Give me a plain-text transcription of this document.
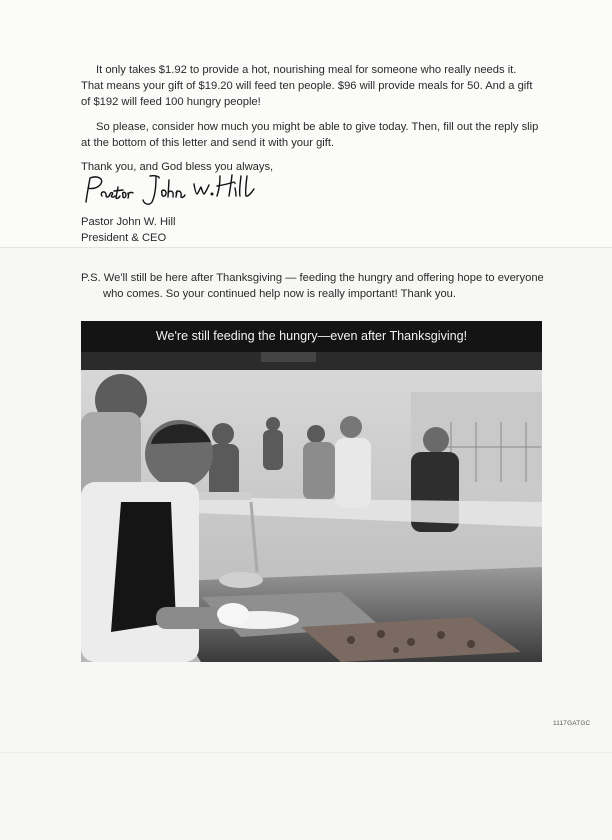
It only takes $1.92 to provide a hot, nourishing meal for someone who really needs it. That means your gift of $19.20 will feed ten people. $96 will provide meals for 50. And a gift of $192 will feed 100 hungry people!

So please, consider how much you might be able to give today. Then, fill out the reply slip at the bottom of this letter and send it with your gift.

Thank you, and God bless you always,

Pastor John W. Hill
President & CEO

P.S. We'll still be here after Thanksgiving — feeding the hungry and offering hope to everyone who comes. So your continued help now is really important! Thank you.

We're still feeding the hungry—even after Thanksgiving!
1117GATGC
